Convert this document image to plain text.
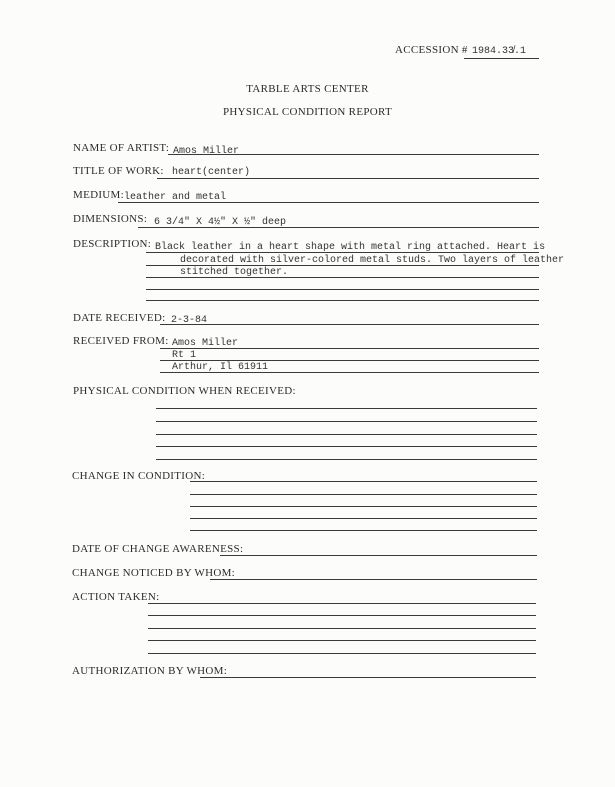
ACCESSION # 1984.33̸.1
TARBLE ARTS CENTER
PHYSICAL CONDITION REPORT
NAME OF ARTIST: Amos Miller
TITLE OF WORK: heart(center)
MEDIUM: leather and metal
DIMENSIONS: 6 3/4" X 4½" X ½" deep
DESCRIPTION: Black leather in a heart shape with metal ring attached. Heart is
decorated with silver-colored metal studs. Two layers of leather
stitched together.
DATE RECEIVED: 2-3-84
RECEIVED FROM: Amos Miller
Rt 1
Arthur, Il 61911
PHYSICAL CONDITION WHEN RECEIVED:
CHANGE IN CONDITION:
DATE OF CHANGE AWARENESS:
CHANGE NOTICED BY WHOM:
ACTION TAKEN:
AUTHORIZATION BY WHOM:
